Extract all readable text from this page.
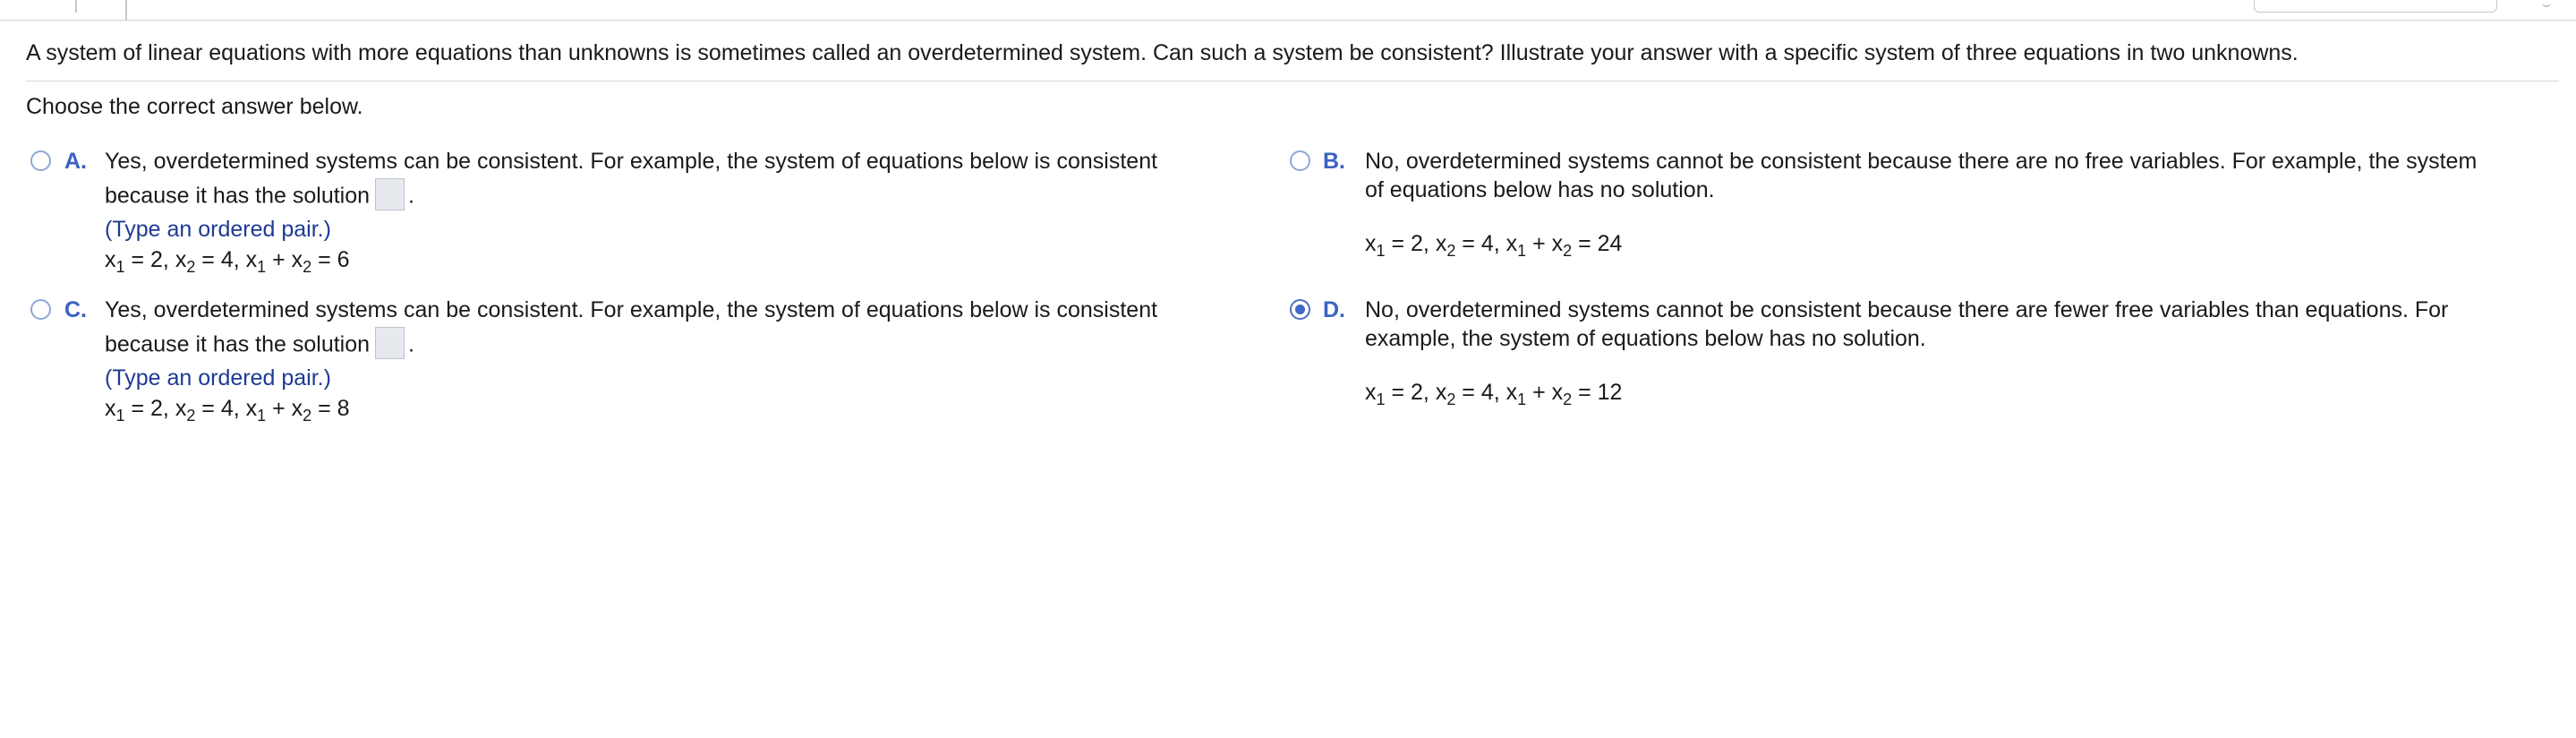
A system of linear equations with more equations than unknowns is sometimes called an overdetermined system. Can such a system be consistent? Illustrate your answer with a specific system of three equations in two unknowns.
Choose the correct answer below.
A. Yes, overdetermined systems can be consistent. For example, the system of equations below is consistent
because it has the solution .
(Type an ordered pair.)
$x_1 = 2$, $x_2 = 4$, $x_1 + x_2 = 6$
B. No, overdetermined systems cannot be consistent because there are no free variables. For example, the system
of equations below has no solution.
$x_1 = 2$, $x_2 = 4$, $x_1 + x_2 = 24$
C. Yes, overdetermined systems can be consistent. For example, the system of equations below is consistent
because it has the solution .
(Type an ordered pair.)
$x_1 = 2$, $x_2 = 4$, $x_1 + x_2 = 8$
D. No, overdetermined systems cannot be consistent because there are fewer free variables than equations. For
example, the system of equations below has no solution.
$x_1 = 2$, $x_2 = 4$, $x_1 + x_2 = 12$
